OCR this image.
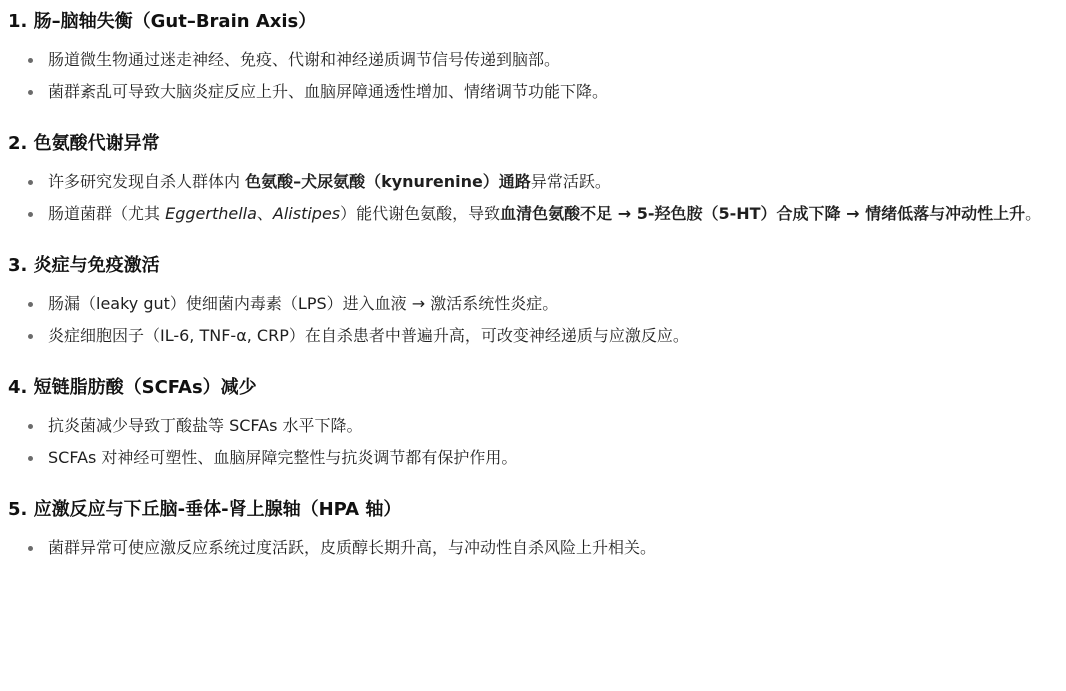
1. 肠–脑轴失衡（Gut–Brain Axis）
肠道微生物通过迷走神经、免疫、代谢和神经递质调节信号传递到脑部。
菌群紊乱可导致大脑炎症反应上升、血脑屏障通透性增加、情绪调节功能下降。
2. 色氨酸代谢异常
许多研究发现自杀人群体内 色氨酸–犬尿氨酸（kynurenine）通路异常活跃。
肠道菌群（尤其 Eggerthella、Alistipes）能代谢色氨酸，导致血清色氨酸不足 → 5-羟色胺（5-HT）合成下降 → 情绪低落与冲动性上升。
3. 炎症与免疫激活
肠漏（leaky gut）使细菌内毒素（LPS）进入血液 → 激活系统性炎症。
炎症细胞因子（IL-6, TNF-α, CRP）在自杀患者中普遍升高，可改变神经递质与应激反应。
4. 短链脂肪酸（SCFAs）减少
抗炎菌减少导致丁酸盐等 SCFAs 水平下降。
SCFAs 对神经可塑性、血脑屏障完整性与抗炎调节都有保护作用。
5. 应激反应与下丘脑-垂体-肾上腺轴（HPA 轴）
菌群异常可使应激反应系统过度活跃，皮质醇长期升高，与冲动性自杀风险上升相关。
